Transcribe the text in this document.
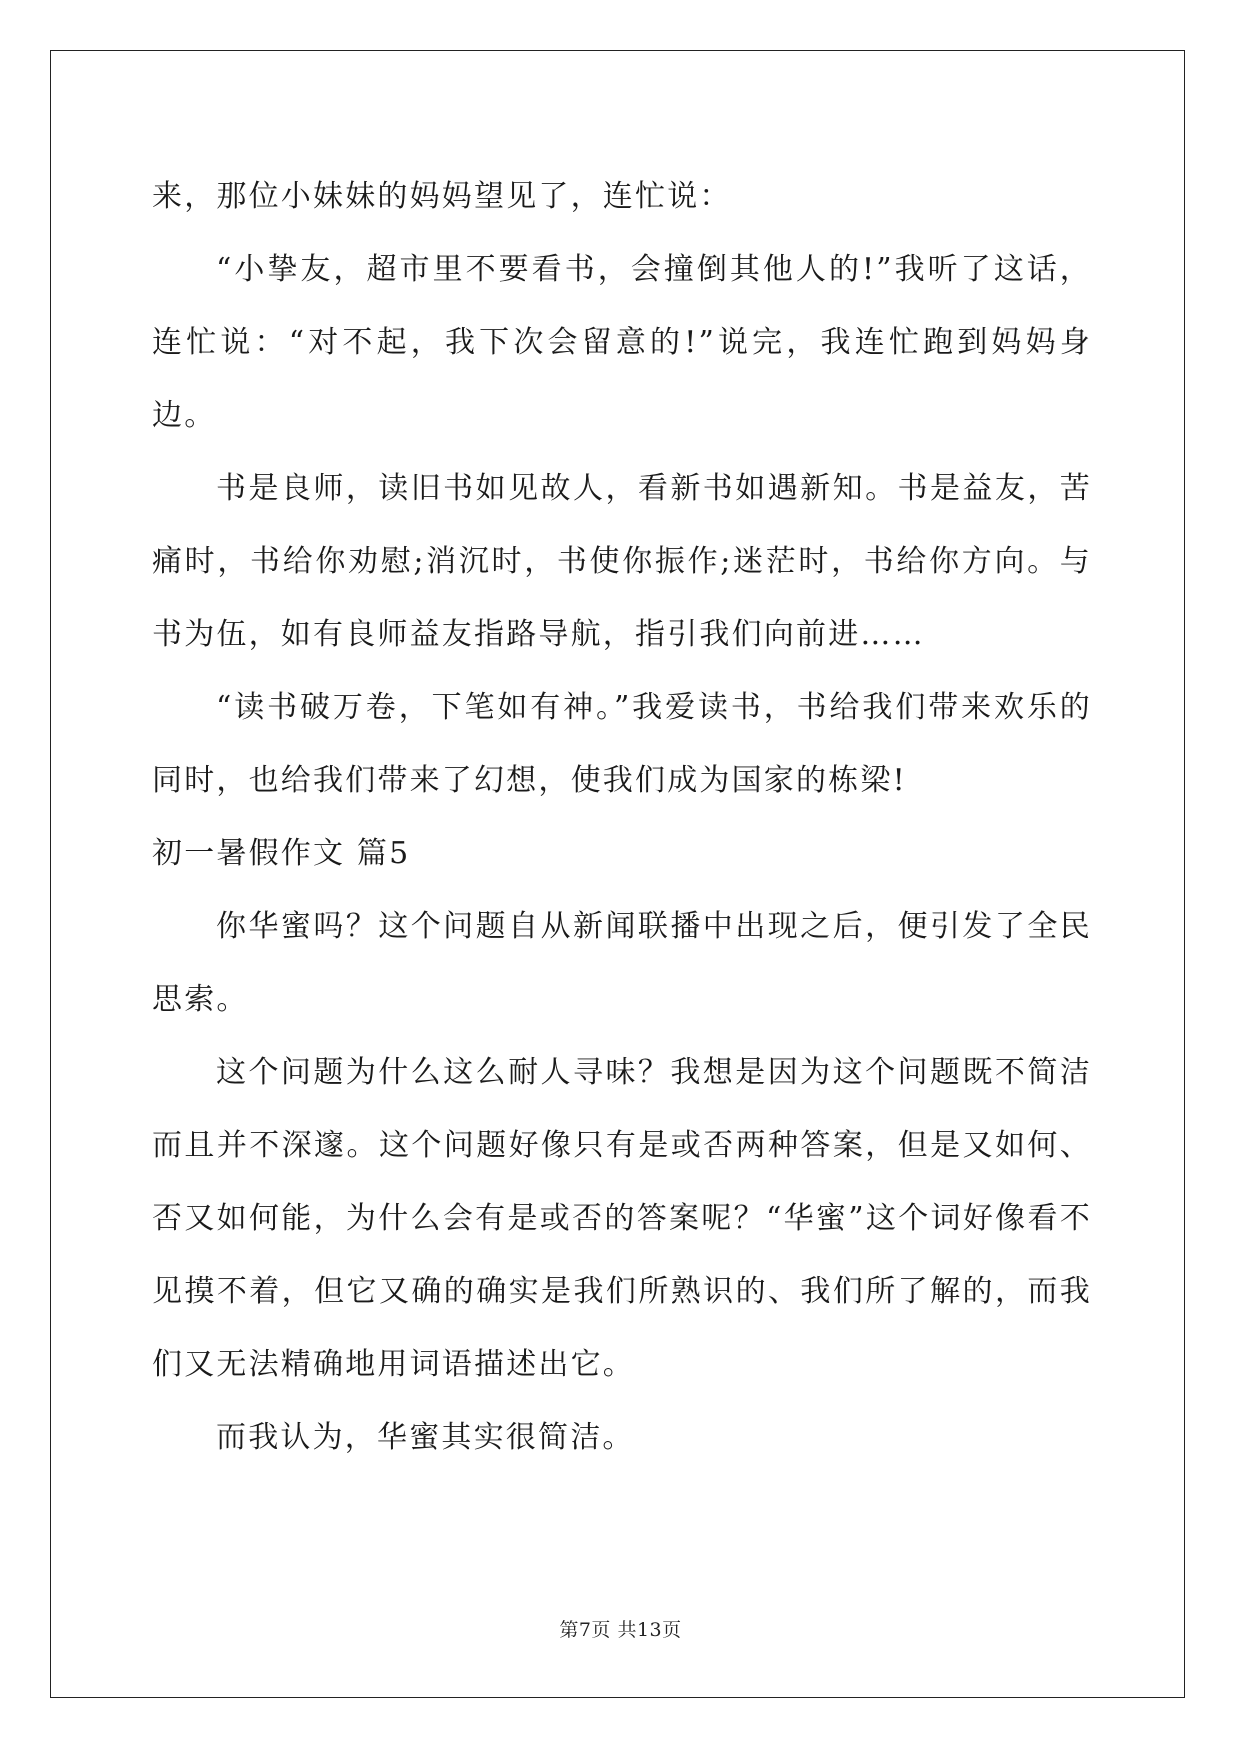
来，那位小妹妹的妈妈望见了，连忙说：

“小挚友，超市里不要看书，会撞倒其他人的!”我听了这话，连忙说：“对不起，我下次会留意的!”说完，我连忙跑到妈妈身边。

书是良师，读旧书如见故人，看新书如遇新知。书是益友，苦痛时，书给你劝慰;消沉时，书使你振作;迷茫时，书给你方向。与书为伍，如有良师益友指路导航，指引我们向前进……

“读书破万卷，下笔如有神。”我爱读书，书给我们带来欢乐的同时，也给我们带来了幻想，使我们成为国家的栋梁!

初一暑假作文 篇5

你华蜜吗？这个问题自从新闻联播中出现之后，便引发了全民思索。

这个问题为什么这么耐人寻味？我想是因为这个问题既不简洁而且并不深邃。这个问题好像只有是或否两种答案，但是又如何、否又如何能，为什么会有是或否的答案呢？“华蜜”这个词好像看不见摸不着，但它又确的确实是我们所熟识的、我们所了解的，而我们又无法精确地用词语描述出它。

而我认为，华蜜其实很简洁。

第7页 共13页
